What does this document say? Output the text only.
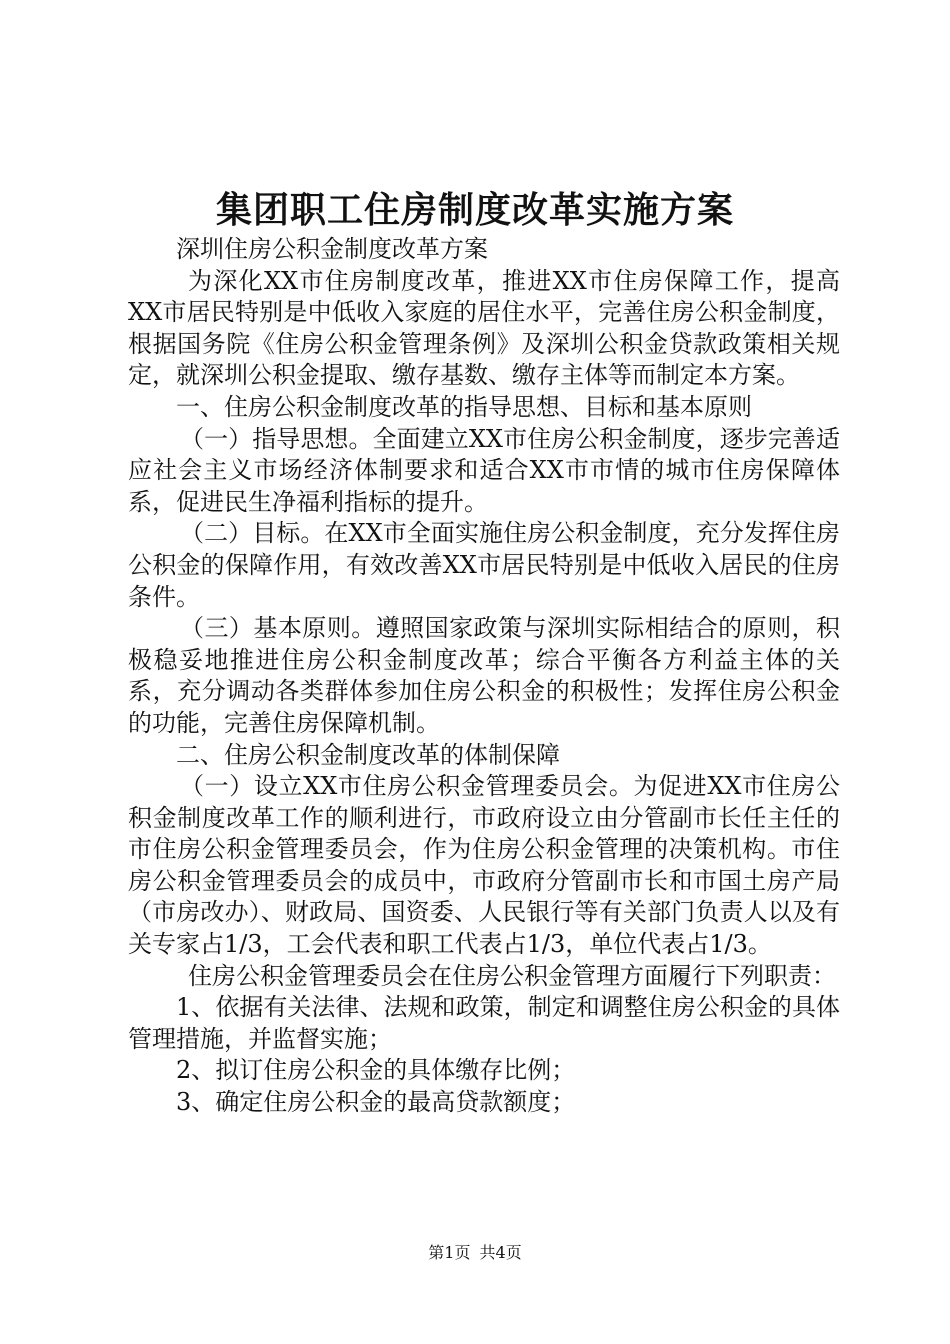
集团职工住房制度改革实施方案

深圳住房公积金制度改革方案

为深化XX市住房制度改革，推进XX市住房保障工作，提高XX市居民特别是中低收入家庭的居住水平，完善住房公积金制度，根据国务院《住房公积金管理条例》及深圳公积金贷款政策相关规定，就深圳公积金提取、缴存基数、缴存主体等而制定本方案。

一、住房公积金制度改革的指导思想、目标和基本原则

（一）指导思想。全面建立XX市住房公积金制度，逐步完善适应社会主义市场经济体制要求和适合XX市市情的城市住房保障体系，促进民生净福利指标的提升。

（二）目标。在XX市全面实施住房公积金制度，充分发挥住房公积金的保障作用，有效改善XX市居民特别是中低收入居民的住房条件。

（三）基本原则。遵照国家政策与深圳实际相结合的原则，积极稳妥地推进住房公积金制度改革；综合平衡各方利益主体的关系，充分调动各类群体参加住房公积金的积极性；发挥住房公积金的功能，完善住房保障机制。

二、住房公积金制度改革的体制保障

（一）设立XX市住房公积金管理委员会。为促进XX市住房公积金制度改革工作的顺利进行，市政府设立由分管副市长任主任的市住房公积金管理委员会，作为住房公积金管理的决策机构。市住房公积金管理委员会的成员中，市政府分管副市长和市国土房产局（市房改办）、财政局、国资委、人民银行等有关部门负责人以及有关专家占1/3，工会代表和职工代表占1/3，单位代表占1/3。

住房公积金管理委员会在住房公积金管理方面履行下列职责：

1、依据有关法律、法规和政策，制定和调整住房公积金的具体管理措施，并监督实施；

2、拟订住房公积金的具体缴存比例；

3、确定住房公积金的最高贷款额度；

第1页 共4页
